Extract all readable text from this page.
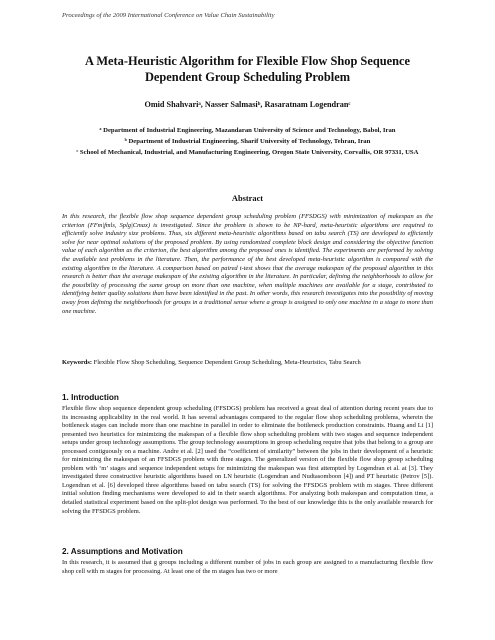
Proceedings of the 2009 International Conference on Value Chain Sustainability
A Meta-Heuristic Algorithm for Flexible Flow Shop Sequence Dependent Group Scheduling Problem
Omid Shahvariᵃ, Nasser Salmasiᵇ, Rasaratnam Logendranᶜ
ᵃ Department of Industrial Engineering, Mazandaran University of Science and Technology, Babol, Iran
ᵇ Department of Industrial Engineering, Sharif University of Technology, Tehran, Iran
ᶜ School of Mechanical, Industrial, and Manufacturing Engineering, Oregon State University, Corvallis, OR 97331, USA
Abstract
In this research, the flexible flow shop sequence dependent group scheduling problem (FFSDGS) with minimization of makespan as the criterion (FFm|fmls, Splg|Cmax) is investigated. Since the problem is shown to be NP-hard, meta-heuristic algorithms are required to efficiently solve industry size problems. Thus, six different meta-heuristic algorithms based on tabu search (TS) are developed to efficiently solve for near optimal solutions of the proposed problem. By using randomized complete block design and considering the objective function value of each algorithm as the criterion, the best algorithm among the proposed ones is identified. The experiments are performed by solving the available test problems in the literature. Then, the performance of the best developed meta-heuristic algorithm is compared with the existing algorithm in the literature. A comparison based on paired t-test shows that the average makespan of the proposed algorithm in this research is better than the average makespan of the existing algorithm in the literature. In particular, defining the neighborhoods to allow for the possibility of processing the same group on more than one machine, when multiple machines are available for a stage, contributed to identifying better quality solutions than have been identified in the past. In other words, this research investigates into the possibility of moving away from defining the neighborhoods for groups in a traditional sense where a group is assigned to only one machine in a stage to more than one machine.
Keywords: Flexible Flow Shop Scheduling, Sequence Dependent Group Scheduling, Meta-Heuristics, Tabu Search
1. Introduction
Flexible flow shop sequence dependent group scheduling (FFSDGS) problem has received a great deal of attention during recent years due to its increasing applicability in the real world. It has several advantages compared to the regular flow shop scheduling problems, wherein the bottleneck stages can include more than one machine in parallel in order to eliminate the bottleneck production constraints. Huang and Li [1] presented two heuristics for minimizing the makespan of a flexible flow shop scheduling problem with two stages and sequence independent setups under group technology assumptions. The group technology assumptions in group scheduling require that jobs that belong to a group are processed contiguously on a machine. Andre et al. [2] used the “coefficient of similarity” between the jobs in their development of a heuristic for minimizing the makespan of an FFSDGS problem with three stages. The generalized version of the flexible flow shop group scheduling problem with ‘m’ stages and sequence independent setups for minimizing the makespan was first attempted by Logendran et al. at [3]. They investigated three constructive heuristic algorithms based on LN heuristic (Logendran and Nudtasomboon [4]) and PT heuristic (Petrov [5]). Logendran et al. [6] developed three algorithms based on tabu search (TS) for solving the FFSDGS problem with m stages. Three different initial solution finding mechanisms were developed to aid in their search algorithms. For analyzing both makespan and computation time, a detailed statistical experiment based on the split-plot design was performed. To the best of our knowledge this is the only available research for solving the FFSDGS problem.
2. Assumptions and Motivation
In this research, it is assumed that g groups including a different number of jobs in each group are assigned to a manufacturing flexible flow shop cell with m stages for processing. At least one of the m stages has two or more
